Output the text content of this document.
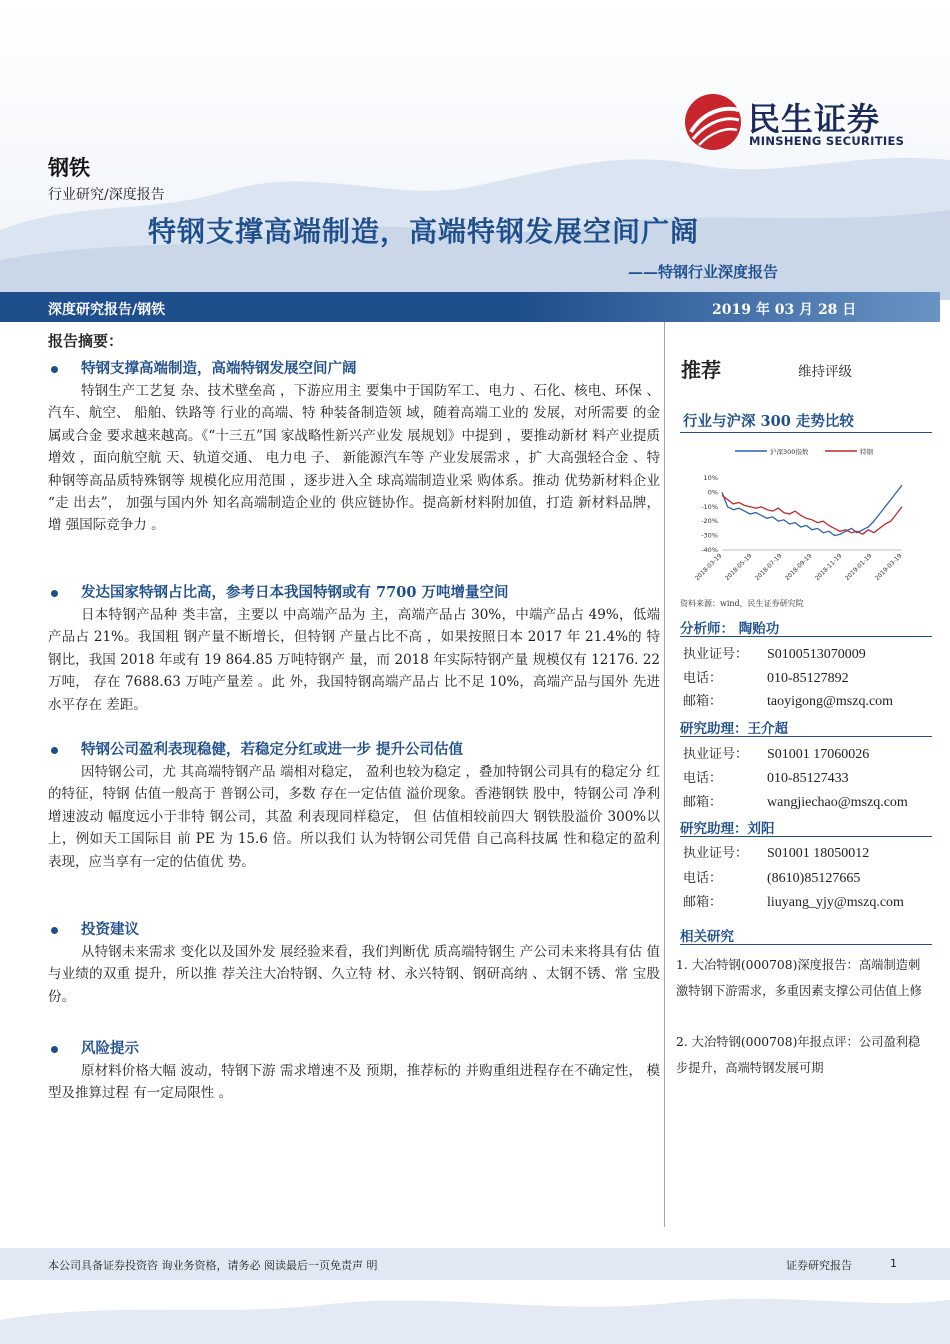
民生证券
MINSHENG SECURITIES
钢铁
行业研究/深度报告
特钢支撑高端制造，高端特钢发展空间广阔
——特钢行业深度报告
深度研究报告/钢铁	2019 年 03 月 28 日
报告摘要：
特钢支撑高端制造，高端特钢发展空间广阔
特钢生产工艺复 杂、技术壁垒高 ，下游应用主 要集中于国防军工、电力 、石化、核电、环保 、汽车、航空、 船舶、铁路等 行业的高端、特 种装备制造领 域，随着高端工业的 发展，对所需要 的金属或合金 要求越来越高。《“十三五”国 家战略性新兴产业发 展规划》中提到 ，要推动新材 料产业提质增效 ，面向航空航 天、轨道交通、 电力电 子、 新能源汽车等 产业发展需求 ，扩 大高强轻合金 、特 种钢等高品质特殊钢等 规模化应用范围 ，逐步进入全 球高端制造业采 购体系。推动 优势新材料企业 “走 出去”， 加强与国内外 知名高端制造企业的 供应链协作。提高新材料附加值，打造 新材料品牌，增 强国际竞争力 。
发达国家特钢占比高，参考日本我国特钢或有 7700 万吨增量空间
日本特钢产品种 类丰富，主要以 中高端产品为 主，高端产品占 30%，中端产品占 49%，低端产品占 21%。我国粗 钢产量不断增长，但特钢 产量占比不高 ，如果按照日本 2017 年 21.4%的 特钢比，我国 2018 年或有 19 864.85 万吨特钢产 量，而 2018 年实际特钢产量 规模仅有 12176. 22 万吨， 存在 7688.63 万吨产量差 。此 外，我国特钢高端产品占 比不足 10%，高端产品与国外 先进水平存在 差距。
特钢公司盈利表现稳健，若稳定分红或进一步 提升公司估值
因特钢公司，尤 其高端特钢产品 端相对稳定， 盈利也较为稳定 ，叠加特钢公司具有的稳定分 红的特征，特钢 估值一般高于 普钢公司，多数 存在一定估值 溢价现象。香港钢铁 股中，特钢公司 净利增速波动 幅度远小于非特 钢公司，其盈 利表现同样稳定， 但 估值相较前四大 钢铁股溢价 300%以上，例如天工国际目 前 PE 为 15.6 倍。所以我们 认为特钢公司凭借 自己高科技属 性和稳定的盈利 表现，应当享有一定的估值优 势。
投资建议
从特钢未来需求 变化以及国外发 展经验来看，我们判断优 质高端特钢生 产公司未来将具有估 值与业绩的双重 提升，所以推 荐关注大冶特钢、久立特 材、永兴特钢、钢研高纳 、太钢不锈、常 宝股份。
风险提示
原材料价格大幅 波动，特钢下游 需求增速不及 预期，推荐标的 并购重组进程存在不确定性， 模型及推算过程 有一定局限性 。
推荐	维持评级
行业与沪深 300 走势比较
沪深300指数	特钢
10%
0%
-10%
-20%
-30%
-40%
2018-03-19 2018-05-19 2018-07-19 2018-09-19 2018-11-19 2019-01-19 2019-03-19
资料来源：wind，民生证券研究院
分析师： 陶贻功
执业证号： S0100513070009
电话：	010-85127892
邮箱：	taoyigong@mszq.com
研究助理：王介超
执业证号： S01001 17060026
电话：	010-85127433
邮箱：	wangjiechao@mszq.com
研究助理：刘阳
执业证号： S01001 18050012
电话：	(8610)85127665
邮箱：	liuyang_yjy@mszq.com
相关研究
1. 大冶特钢(000708)深度报告：高端制造刺激特钢下游需求，多重因素支撑公司估值上修
2. 大冶特钢(000708)年报点评：公司盈利稳步提升，高端特钢发展可期
本公司具备证券投资咨 询业务资格，请务必 阅读最后一页免责声 明	证券研究报告	1
